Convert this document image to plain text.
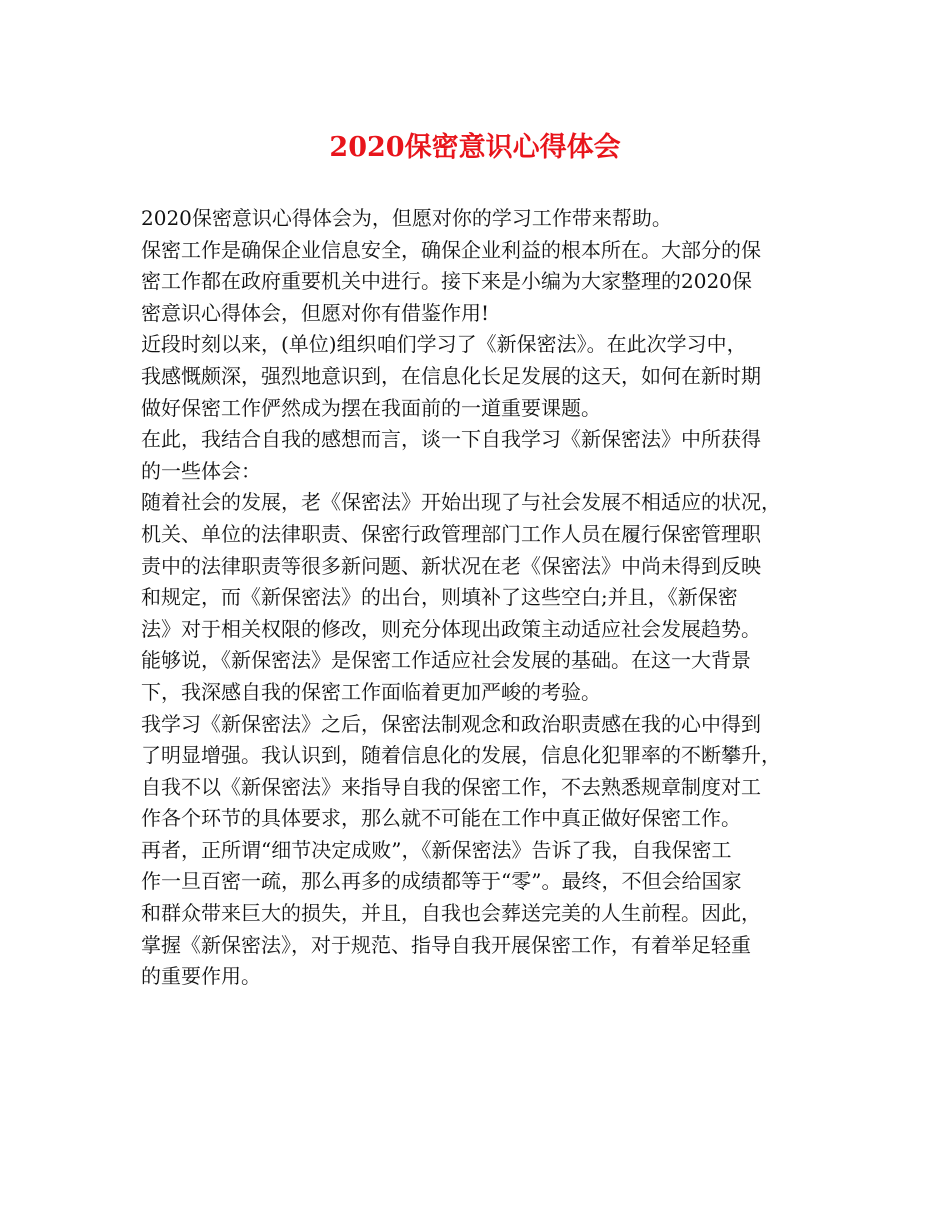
2020保密意识心得体会

2020保密意识心得体会为，但愿对你的学习工作带来帮助。

保密工作是确保企业信息安全，确保企业利益的根本所在。大部分的保

密工作都在政府重要机关中进行。接下来是小编为大家整理的2020保

密意识心得体会，但愿对你有借鉴作用!

近段时刻以来，(单位)组织咱们学习了《新保密法》。在此次学习中，

我感慨颇深，强烈地意识到，在信息化长足发展的这天，如何在新时期

做好保密工作俨然成为摆在我面前的一道重要课题。

在此，我结合自我的感想而言，谈一下自我学习《新保密法》中所获得

的一些体会：

随着社会的发展，老《保密法》开始出现了与社会发展不相适应的状况，

机关、单位的法律职责、保密行政管理部门工作人员在履行保密管理职

责中的法律职责等很多新问题、新状况在老《保密法》中尚未得到反映

和规定，而《新保密法》的出台，则填补了这些空白;并且，《新保密

法》对于相关权限的修改，则充分体现出政策主动适应社会发展趋势。

能够说，《新保密法》是保密工作适应社会发展的基础。在这一大背景

下，我深感自我的保密工作面临着更加严峻的考验。

我学习《新保密法》之后，保密法制观念和政治职责感在我的心中得到

了明显增强。我认识到，随着信息化的发展，信息化犯罪率的不断攀升，

自我不以《新保密法》来指导自我的保密工作，不去熟悉规章制度对工

作各个环节的具体要求，那么就不可能在工作中真正做好保密工作。

再者，正所谓“细节决定成败”，《新保密法》告诉了我，自我保密工

作一旦百密一疏，那么再多的成绩都等于“零”。最终，不但会给国家

和群众带来巨大的损失，并且，自我也会葬送完美的人生前程。因此，

掌握《新保密法》，对于规范、指导自我开展保密工作，有着举足轻重

的重要作用。
